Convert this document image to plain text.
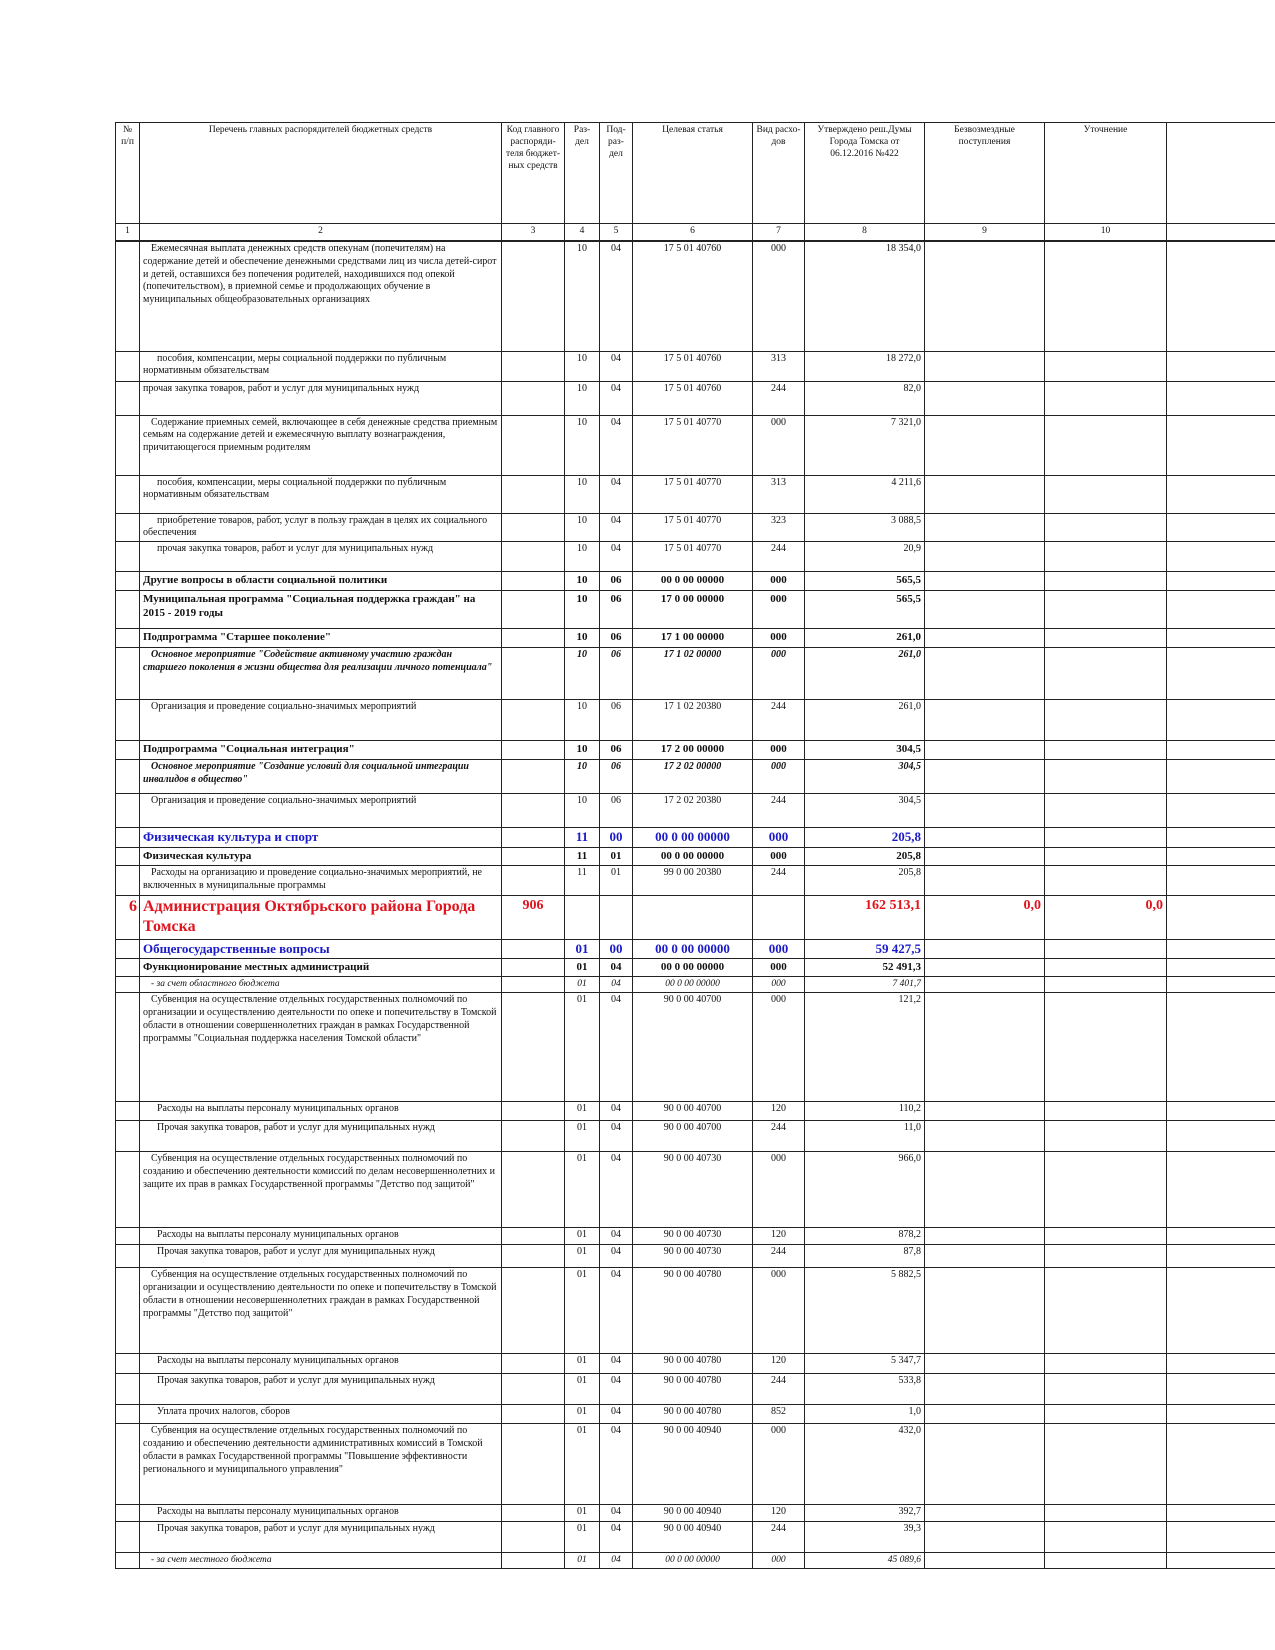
№ п/п	Перечень главных распорядителей бюджетных средств	Код главного распоряди-теля бюджет-ных средств	Раз-дел	Под-раз-дел	Целевая статья	Вид расхо-дов	Утверждено реш.Думы Города Томска от 06.12.2016 №422	Безвозмездные поступления	Уточнение	
1	2	3	4	5	6	7	8	9	10	
	Ежемесячная выплата денежных средств опекунам (попечителям) на содержание детей и обеспечение денежными средствами лиц из числа детей-сирот и детей, оставшихся без попечения родителей, находившихся под опекой (попечительством), в приемной семье и продолжающих обучение в муниципальных общеобразовательных организациях		10	04	17 5 01 40760	000	18 354,0			
	пособия, компенсации, меры социальной поддержки по публичным нормативным обязательствам		10	04	17 5 01 40760	313	18 272,0			
	прочая закупка товаров, работ и услуг для муниципальных нужд		10	04	17 5 01 40760	244	82,0			
	Содержание приемных семей, включающее в себя денежные средства приемным семьям на содержание детей и ежемесячную выплату вознаграждения, причитающегося приемным родителям		10	04	17 5 01 40770	000	7 321,0			
	пособия, компенсации, меры социальной поддержки по публичным нормативным обязательствам		10	04	17 5 01 40770	313	4 211,6			
	приобретение товаров, работ, услуг в пользу граждан в целях их социального обеспечения		10	04	17 5 01 40770	323	3 088,5			
	прочая закупка товаров, работ и услуг для муниципальных нужд		10	04	17 5 01 40770	244	20,9			
	Другие вопросы в области социальной политики		10	06	00 0 00 00000	000	565,5			
	Муниципальная программа "Социальная поддержка граждан" на 2015 - 2019 годы		10	06	17 0 00 00000	000	565,5			
	Подпрограмма "Старшее поколение"		10	06	17 1 00 00000	000	261,0			
	Основное мероприятие "Содействие активному участию граждан старшего поколения в жизни общества для реализации личного потенциала"		10	06	17 1 02 00000	000	261,0			
	Организация и проведение социально-значимых мероприятий		10	06	17 1 02 20380	244	261,0			
	Подпрограмма "Социальная интеграция"		10	06	17 2 00 00000	000	304,5			
	Основное мероприятие "Создание условий для социальной интеграции инвалидов в общество"		10	06	17 2 02 00000	000	304,5			
	Организация и проведение социально-значимых мероприятий		10	06	17 2 02 20380	244	304,5			
	Физическая культура и спорт		11	00	00 0 00 00000	000	205,8			
	Физическая культура		11	01	00 0 00 00000	000	205,8			
	Расходы на организацию и проведение социально-значимых мероприятий, не включенных в муниципальные программы		11	01	99 0 00 20380	244	205,8			
6	Администрация Октябрьского района Города Томска	906					162 513,1	0,0	0,0	
	Общегосударственные вопросы		01	00	00 0 00 00000	000	59 427,5			
	Функционирование местных администраций		01	04	00 0 00 00000	000	52 491,3			
	- за счет областного бюджета		01	04	00 0 00 00000	000	7 401,7			
	Субвенция на осуществление отдельных государственных полномочий по организации и осуществлению деятельности по опеке и попечительству в Томской области в отношении совершеннолетних граждан в рамках Государственной программы "Социальная поддержка населения Томской области"		01	04	90 0 00 40700	000	121,2			
	Расходы на выплаты персоналу муниципальных органов		01	04	90 0 00 40700	120	110,2			
	Прочая закупка товаров, работ и услуг для муниципальных нужд		01	04	90 0 00 40700	244	11,0			
	Субвенция на осуществление отдельных государственных полномочий по созданию и обеспечению деятельности комиссий по делам несовершеннолетних и защите их прав в рамках Государственной программы "Детство под защитой"		01	04	90 0 00 40730	000	966,0			
	Расходы на выплаты персоналу муниципальных органов		01	04	90 0 00 40730	120	878,2			
	Прочая закупка товаров, работ и услуг для муниципальных нужд		01	04	90 0 00 40730	244	87,8			
	Субвенция на осуществление отдельных государственных полномочий по организации и осуществлению деятельности по опеке и попечительству в Томской области в отношении несовершеннолетних граждан в рамках Государственной программы "Детство под защитой"		01	04	90 0 00 40780	000	5 882,5			
	Расходы на выплаты персоналу муниципальных органов		01	04	90 0 00 40780	120	5 347,7			
	Прочая закупка товаров, работ и услуг для муниципальных нужд		01	04	90 0 00 40780	244	533,8			
	Уплата прочих налогов, сборов		01	04	90 0 00 40780	852	1,0			
	Субвенция на осуществление отдельных государственных полномочий по созданию и обеспечению деятельности административных комиссий в Томской области в рамках Государственной программы "Повышение эффективности регионального и муниципального управления"		01	04	90 0 00 40940	000	432,0			
	Расходы на выплаты персоналу муниципальных органов		01	04	90 0 00 40940	120	392,7			
	Прочая закупка товаров, работ и услуг для муниципальных нужд		01	04	90 0 00 40940	244	39,3			
	- за счет местного бюджета		01	04	00 0 00 00000	000	45 089,6			
